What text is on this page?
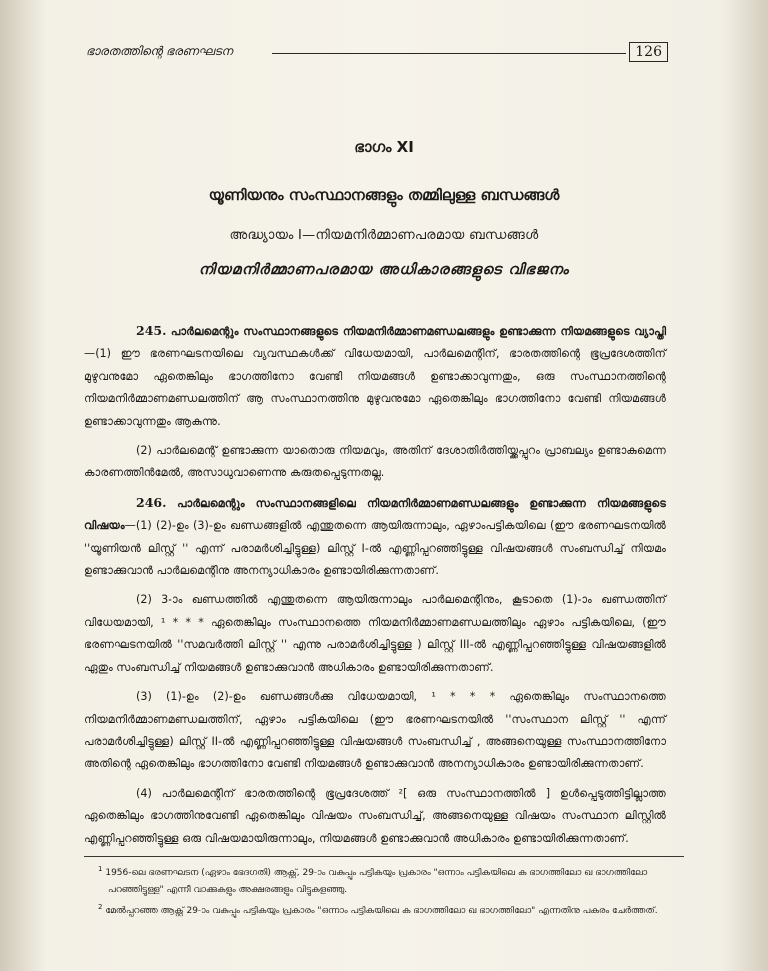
ഭാരതത്തിന്റെ ഭരണഘടന	126
ഭാഗം XI
യൂണിയനും സംസ്ഥാനങ്ങളും തമ്മിലുള്ള ബന്ധങ്ങൾ
അദ്ധ്യായം I—നിയമനിർമ്മാണപരമായ ബന്ധങ്ങൾ
നിയമനിർമ്മാണപരമായ അധികാരങ്ങളുടെ വിഭജനം

245. പാർലമെന്റും സംസ്ഥാനങ്ങളുടെ നിയമനിർമ്മാണമണ്ഡലങ്ങളും ഉണ്ടാക്കുന്ന നിയമങ്ങളുടെ വ്യാപ്തി—(1) ഈ ഭരണഘടനയിലെ വ്യവസ്ഥകൾക്ക് വിധേയമായി, പാർലമെന്റിന്, ഭാരതത്തിന്റെ ഭൂപ്രദേശത്തിന് മുഴുവനുമോ ഏതെങ്കിലും ഭാഗത്തിനോ വേണ്ടി നിയമങ്ങൾ ഉണ്ടാക്കാവുന്നതും, ഒരു സംസ്ഥാനത്തിന്റെ നിയമനിർമ്മാണമണ്ഡലത്തിന് ആ സംസ്ഥാനത്തിനു മുഴുവനുമോ ഏതെങ്കിലും ഭാഗത്തിനോ വേണ്ടി നിയമങ്ങൾ ഉണ്ടാക്കാവുന്നതും ആകുന്നു.

(2) പാർലമെന്റ് ഉണ്ടാക്കുന്ന യാതൊരു നിയമവും, അതിന് ദേശാതിർത്തിയ്ക്കപ്പുറം പ്രാബല്യം ഉണ്ടാകുമെന്ന കാരണത്തിൻമേൽ, അസാധുവാണെന്നു കരുതപ്പെടുന്നതല്ല.

246. പാർലമെന്റും സംസ്ഥാനങ്ങളിലെ നിയമനിർമ്മാണമണ്ഡലങ്ങളും ഉണ്ടാക്കുന്ന നിയമങ്ങളുടെ വിഷയം—(1) (2)-ഉം (3)-ഉം ഖണ്ഡങ്ങളിൽ എന്തുതന്നെ ആയിരുന്നാലും, ഏഴാംപട്ടികയിലെ (ഈ ഭരണഘടനയിൽ ''യൂണിയൻ ലിസ്റ്റ് '' എന്ന് പരാമർശിച്ചിട്ടുള്ള) ലിസ്റ്റ് I-ൽ എണ്ണിപ്പറഞ്ഞിട്ടുള്ള വിഷയങ്ങൾ സംബന്ധിച്ച് നിയമം ഉണ്ടാക്കുവാൻ പാർലമെന്റിനു അനന്യാധികാരം ഉണ്ടായിരിക്കുന്നതാണ്.

(2) 3-ാം ഖണ്ഡത്തിൽ എന്തുതന്നെ ആയിരുന്നാലും പാർലമെന്റിനും, കൂടാതെ (1)-ാം ഖണ്ഡത്തിന് വിധേയമായി, ¹ * * * ഏതെങ്കിലും സംസ്ഥാനത്തെ നിയമനിർമ്മാണമണ്ഡലത്തിലും ഏഴാം പട്ടികയിലെ, (ഈ ഭരണഘടനയിൽ ''സമവർത്തി ലിസ്റ്റ് '' എന്നു പരാമർശിച്ചിട്ടുള്ള ) ലിസ്റ്റ് III-ൽ എണ്ണിപ്പറഞ്ഞിട്ടുള്ള വിഷയങ്ങളിൽ ഏതും സംബന്ധിച്ച് നിയമങ്ങൾ ഉണ്ടാക്കുവാൻ അധികാരം ഉണ്ടായിരിക്കുന്നതാണ്.

(3) (1)-ഉം (2)-ഉം ഖണ്ഡങ്ങൾക്കു വിധേയമായി, ¹ * * * ഏതെങ്കിലും സംസ്ഥാനത്തെ നിയമനിർമ്മാണമണ്ഡലത്തിന്, ഏഴാം പട്ടികയിലെ (ഈ ഭരണഘടനയിൽ ''സംസ്ഥാന ലിസ്റ്റ് '' എന്ന് പരാമർശിച്ചിട്ടുള്ള) ലിസ്റ്റ് II-ൽ എണ്ണിപ്പറഞ്ഞിട്ടുള്ള വിഷയങ്ങൾ സംബന്ധിച്ച് , അങ്ങനെയുള്ള സംസ്ഥാനത്തിനോ അതിന്റെ ഏതെങ്കിലും ഭാഗത്തിനോ വേണ്ടി നിയമങ്ങൾ ഉണ്ടാക്കുവാൻ അനന്യാധികാരം ഉണ്ടായിരിക്കുന്നതാണ്.

(4) പാർലമെന്റിന് ഭാരതത്തിന്റെ ഭൂപ്രദേശത്ത് ²[ ഒരു സംസ്ഥാനത്തിൽ ] ഉൾപ്പെടുത്തിട്ടില്ലാത്ത ഏതെങ്കിലും ഭാഗത്തിനുവേണ്ടി ഏതെങ്കിലും വിഷയം സംബന്ധിച്ച്, അങ്ങനെയുള്ള വിഷയം സംസ്ഥാന ലിസ്റ്റിൽ എണ്ണിപ്പറഞ്ഞിട്ടുള്ള ഒരു വിഷയമായിരുന്നാലും, നിയമങ്ങൾ ഉണ്ടാക്കുവാൻ അധികാരം ഉണ്ടായിരിക്കുന്നതാണ്.

$^1$ 1956-ലെ ഭരണഘടന (ഏഴാം ഭേദഗതി) ആക്റ്റ്, 29-ാം വകുപ്പും പട്ടികയും പ്രകാരം "ഒന്നാം പട്ടികയിലെ ക ഭാഗത്തിലോ ഖ ഭാഗത്തിലോ പറഞ്ഞിട്ടുള്ള" എന്നീ വാക്കുകളും അക്ഷരങ്ങളും വിട്ടുകളഞ്ഞു.

$^2$ മേൽപ്പറഞ്ഞ ആക്റ്റ് 29-ാം വകുപ്പും പട്ടികയും പ്രകാരം "ഒന്നാം പട്ടികയിലെ ക ഭാഗത്തിലോ ഖ ഭാഗത്തിലോ" എന്നതിനു പകരം ചേർത്തത്.
